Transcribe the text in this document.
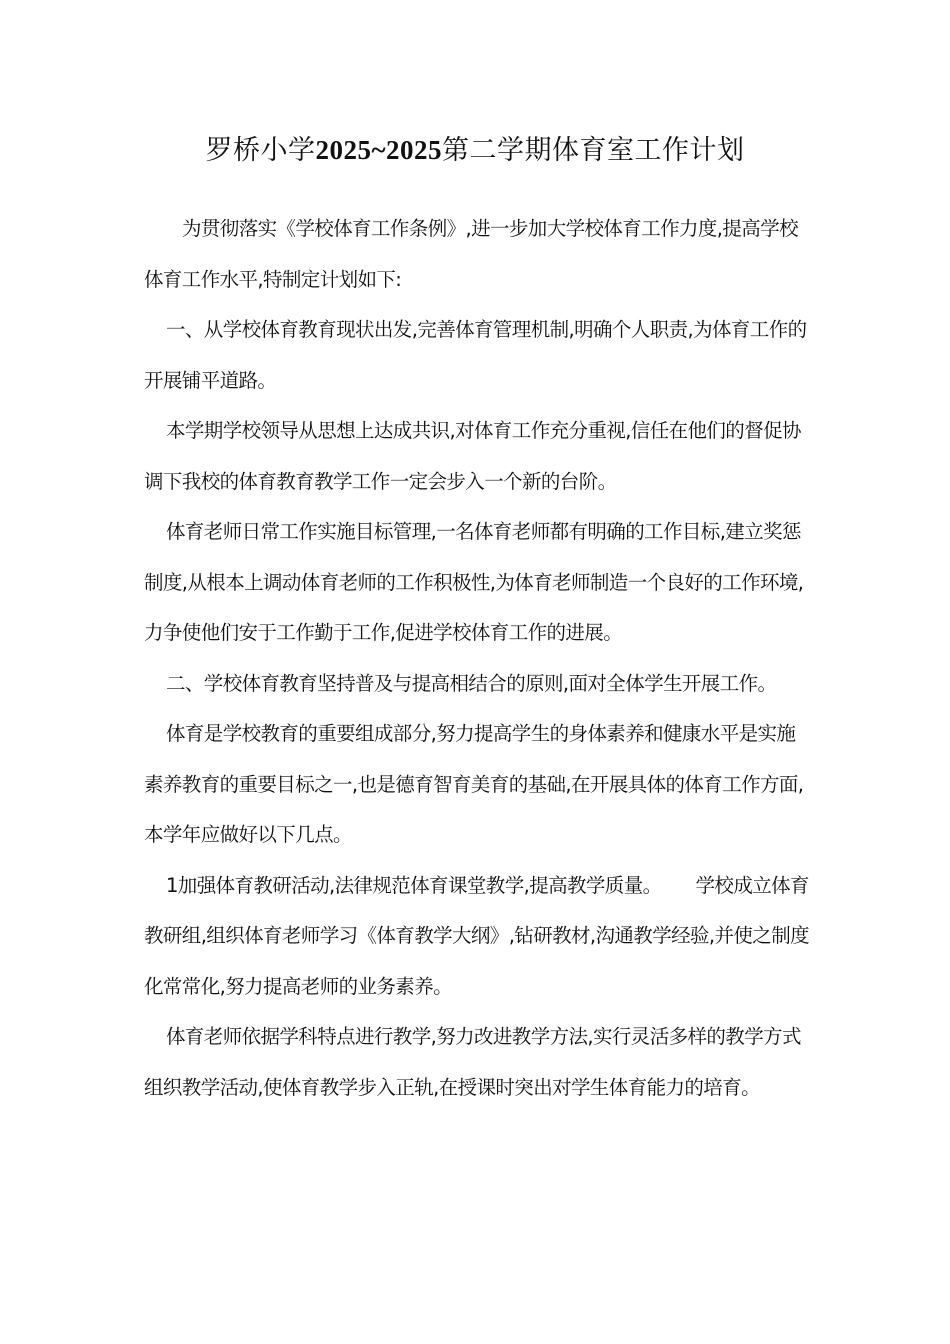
罗桥小学2025~2025第二学期体育室工作计划

为贯彻落实《学校体育工作条例》,进一步加大学校体育工作力度,提高学校体育工作水平,特制定计划如下:

一、从学校体育教育现状出发,完善体育管理机制,明确个人职责,为体育工作的开展铺平道路。

本学期学校领导从思想上达成共识,对体育工作充分重视,信任在他们的督促协调下我校的体育教育教学工作一定会步入一个新的台阶。

体育老师日常工作实施目标管理,一名体育老师都有明确的工作目标,建立奖惩制度,从根本上调动体育老师的工作积极性,为体育老师制造一个良好的工作环境,力争使他们安于工作勤于工作,促进学校体育工作的进展。

二、学校体育教育坚持普及与提高相结合的原则,面对全体学生开展工作。

体育是学校教育的重要组成部分,努力提高学生的身体素养和健康水平是实施素养教育的重要目标之一,也是德育智育美育的基础,在开展具体的体育工作方面,本学年应做好以下几点。

1加强体育教研活动,法律规范体育课堂教学,提高教学质量。 学校成立体育教研组,组织体育老师学习《体育教学大纲》,钻研教材,沟通教学经验,并使之制度化常常化,努力提高老师的业务素养。

体育老师依据学科特点进行教学,努力改进教学方法,实行灵活多样的教学方式组织教学活动,使体育教学步入正轨,在授课时突出对学生体育能力的培育。
